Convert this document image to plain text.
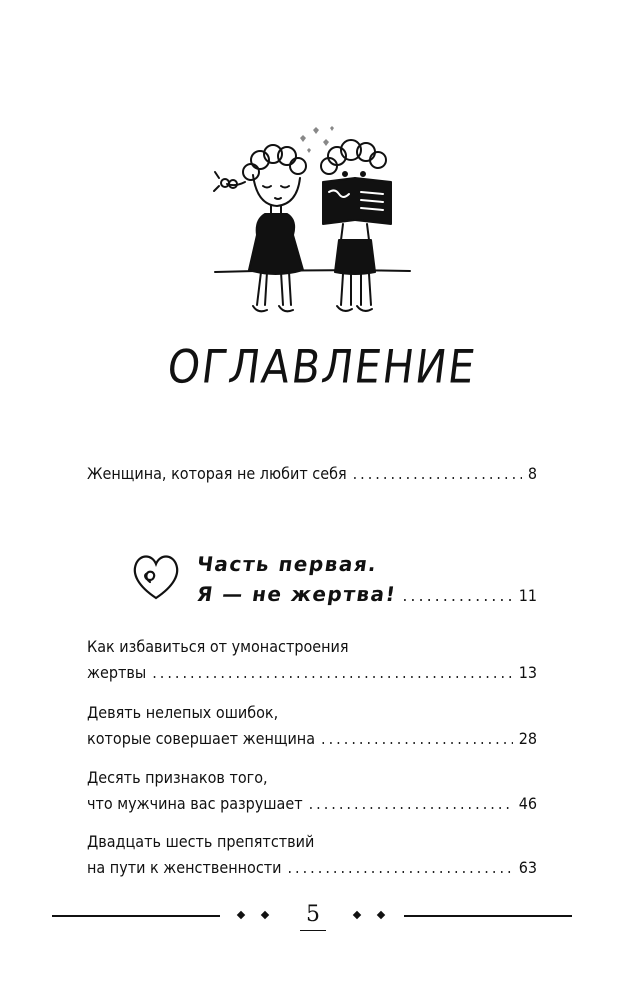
ОГЛАВЛЕНИЕ
Женщина, которая не любит себя .....	8
Часть первая.
Я — не жертва! .....	11
Как избавиться от умонастроения
жертвы .....	13
Девять нелепых ошибок,
которые совершает женщина .....	28
Десять признаков того,
что мужчина вас разрушает .....	46
Двадцать шесть препятствий
на пути к женственности .....	63
5
